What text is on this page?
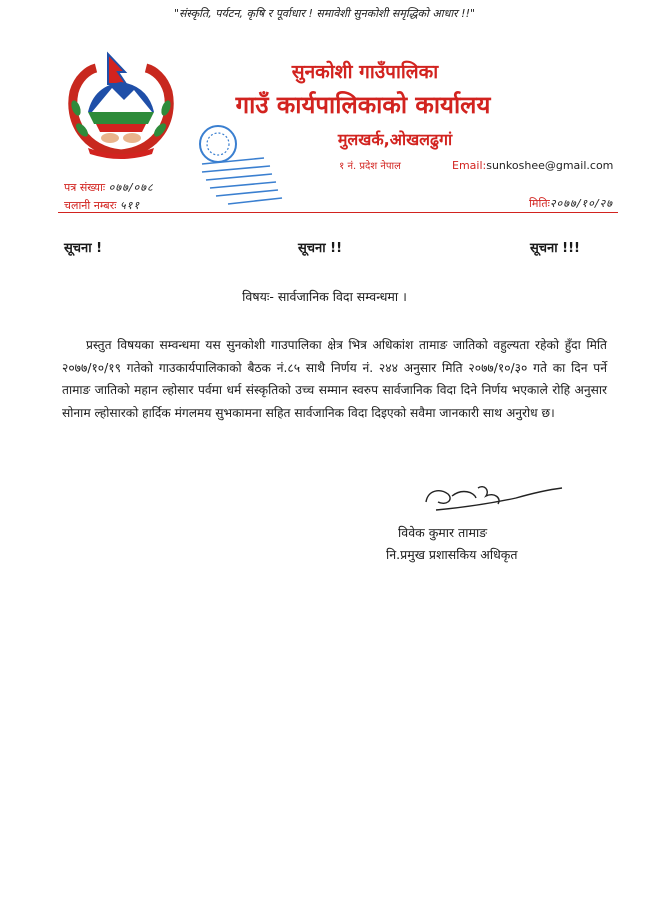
"संस्कृति, पर्यटन, कृषि र पूर्वाधार ! समावेशी सुनकोशी समृद्धिको आधार !!"
सुनकोशी गाउँपालिका
गाउँ कार्यपालिकाको कार्यालय
मुलखर्क,ओखलढुगां
१ नं. प्रदेश नेपाल	Email:sunkoshee@gmail.com
पत्र संख्याः ०७७/०७८
चलानी नम्बरः ५११	मितिः२०७७/१०/२७
सूचना !	सूचना !!	सूचना !!!
विषयः- सार्वजानिक विदा सम्वन्धमा ।
प्रस्तुत विषयका सम्वन्धमा यस सुनकोशी गाउपालिका क्षेत्र भित्र अधिकांश तामाङ जातिको वहुल्यता रहेको हुँदा मिति २०७७/१०/१९ गतेको गाउकार्यपालिकाको बैठक नं.८५ साथै निर्णय नं. २४४ अनुसार मिति २०७७/१०/३० गते का दिन पर्ने तामाङ जातिको महान ल्होसार पर्वमा धर्म संस्कृतिको उच्च सम्मान स्वरुप सार्वजानिक विदा दिने निर्णय भएकाले रोहि अनुसार सोनाम ल्होसारको हार्दिक मंगलमय सुभकामना सहित सार्वजानिक विदा दिइएको सवैमा जानकारी साथ अनुरोध छ।
विवेक कुमार तामाङ
नि.प्रमुख प्रशासकिय अधिकृत
